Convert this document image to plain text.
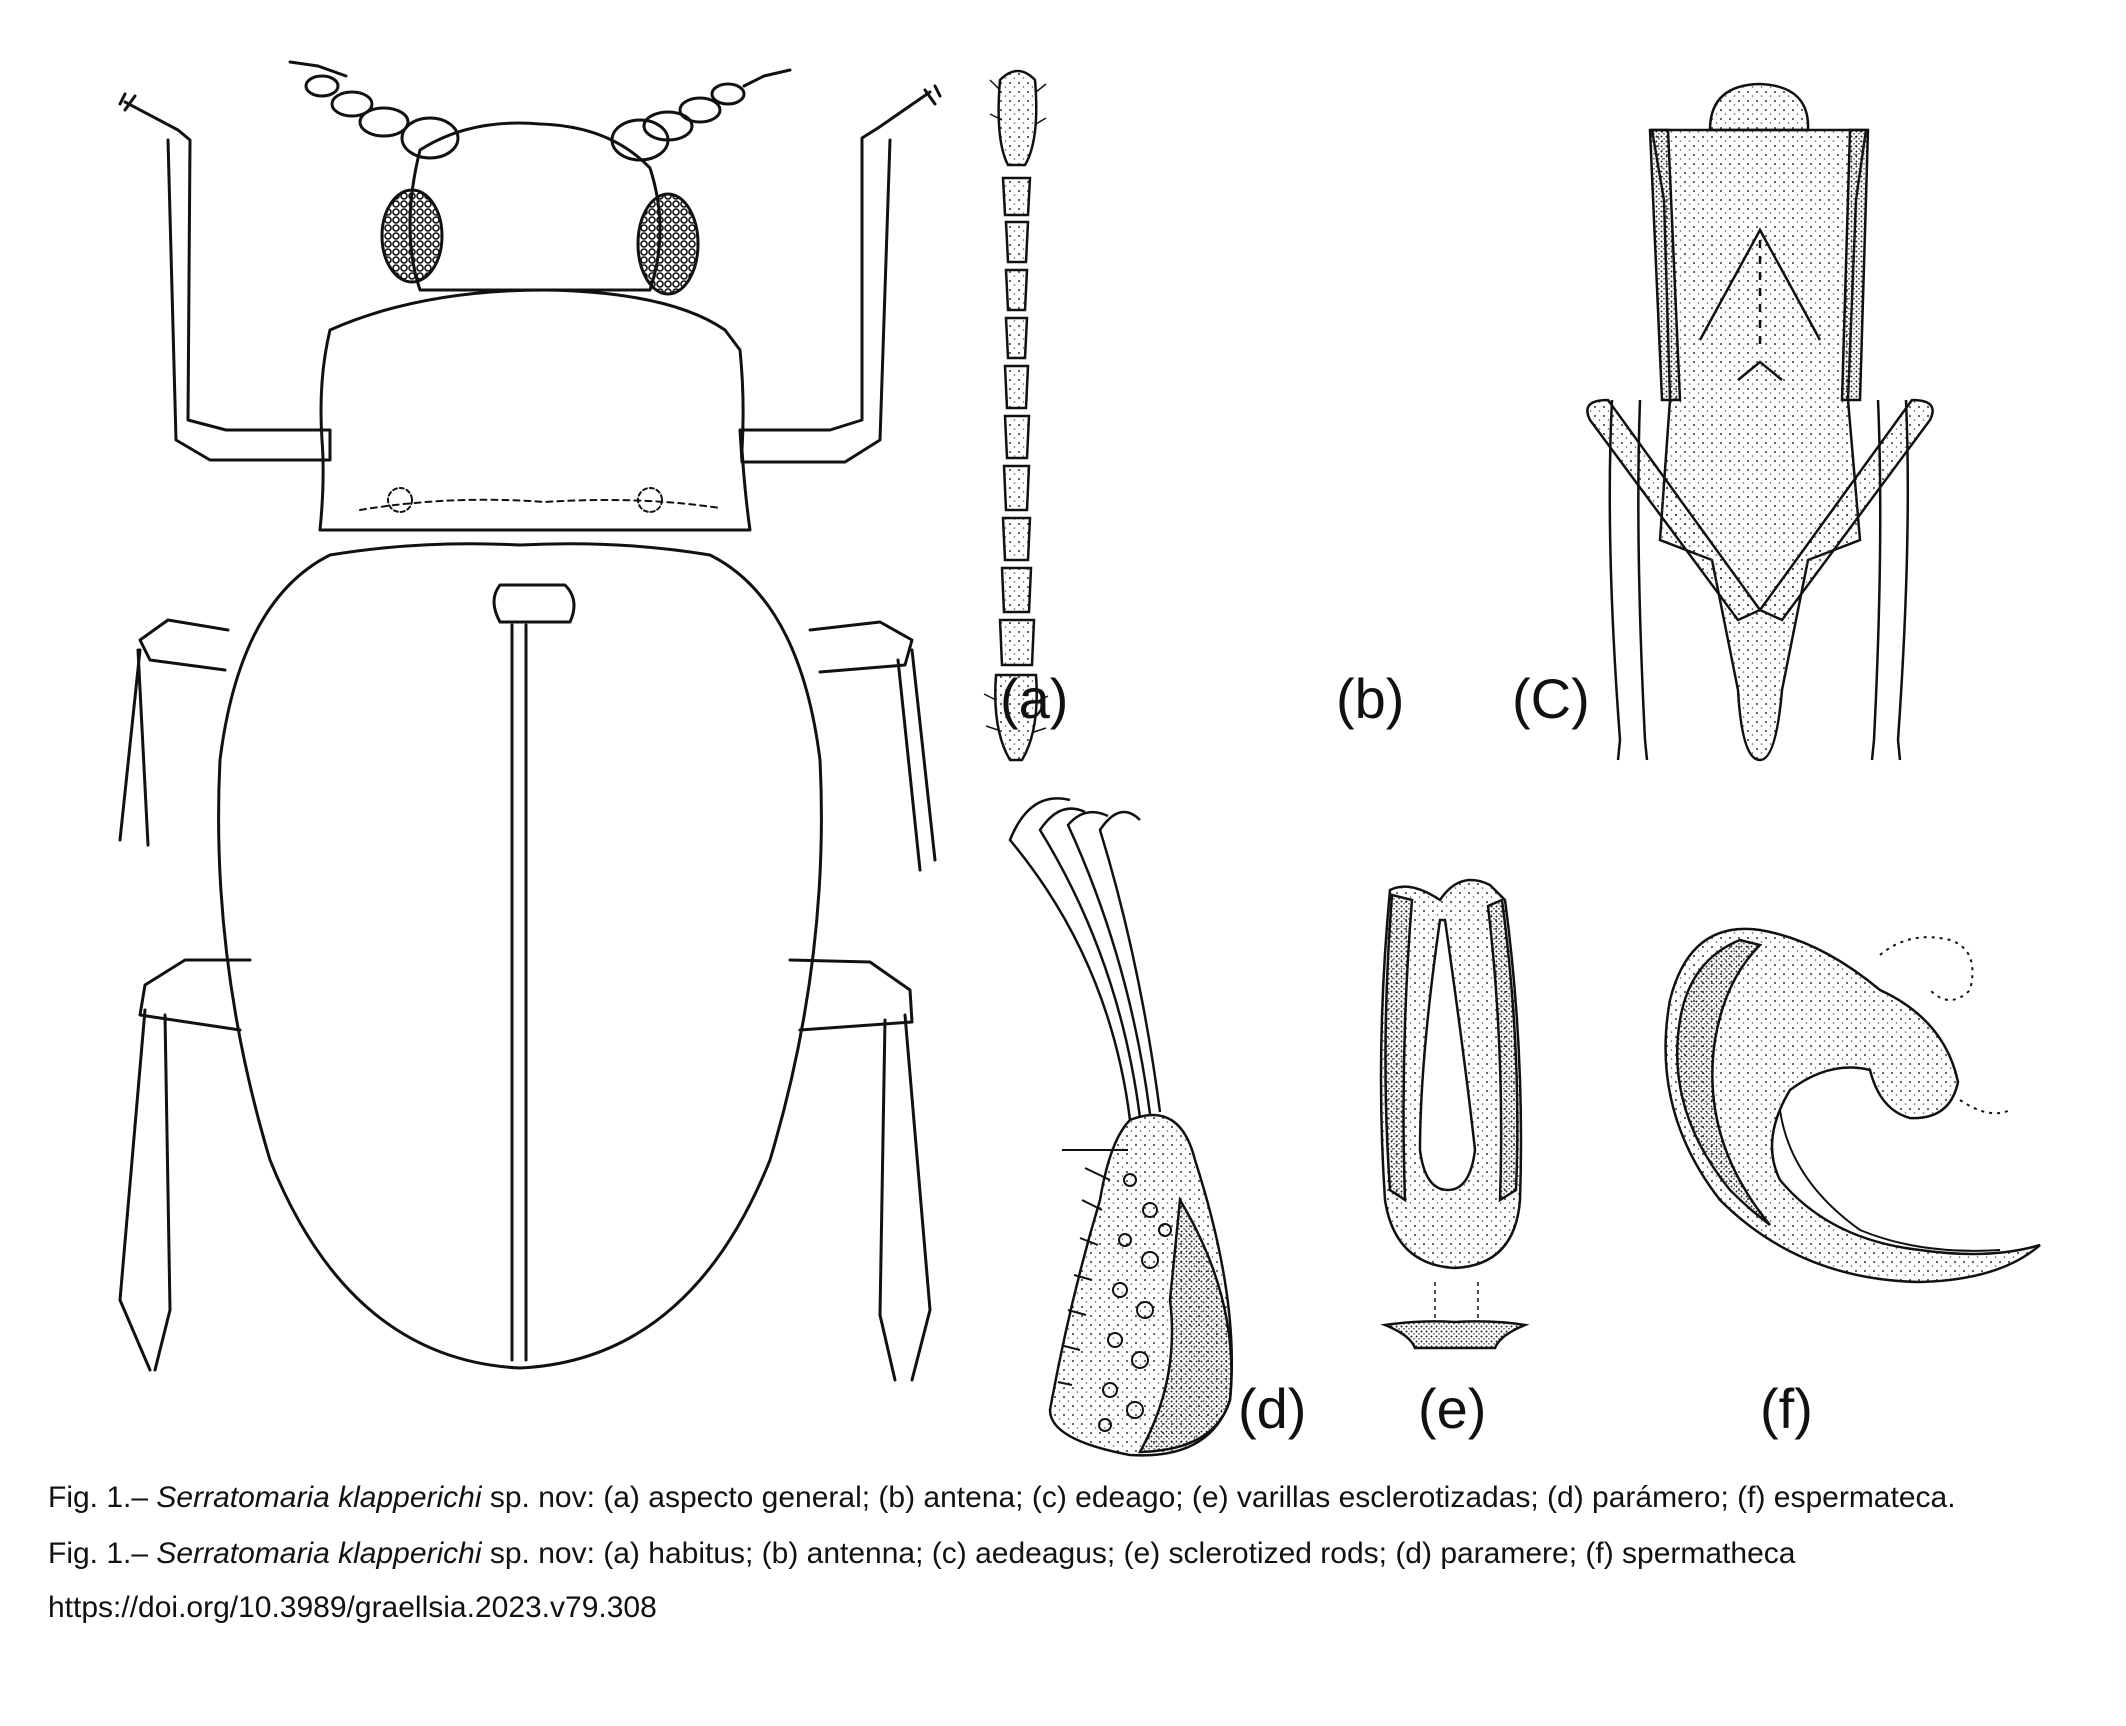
(a)	(b) (C)
(d) (e)	(f)

Fig. 1.– Serratomaria klapperichi sp. nov: (a) aspecto general; (b) antena; (c) edeago; (e) varillas esclerotizadas; (d) parámero; (f) espermateca.

Fig. 1.– Serratomaria klapperichi sp. nov: (a) habitus; (b) antenna; (c) aedeagus; (e) sclerotized rods; (d) paramere; (f) spermatheca

https://doi.org/10.3989/graellsia.2023.v79.308
